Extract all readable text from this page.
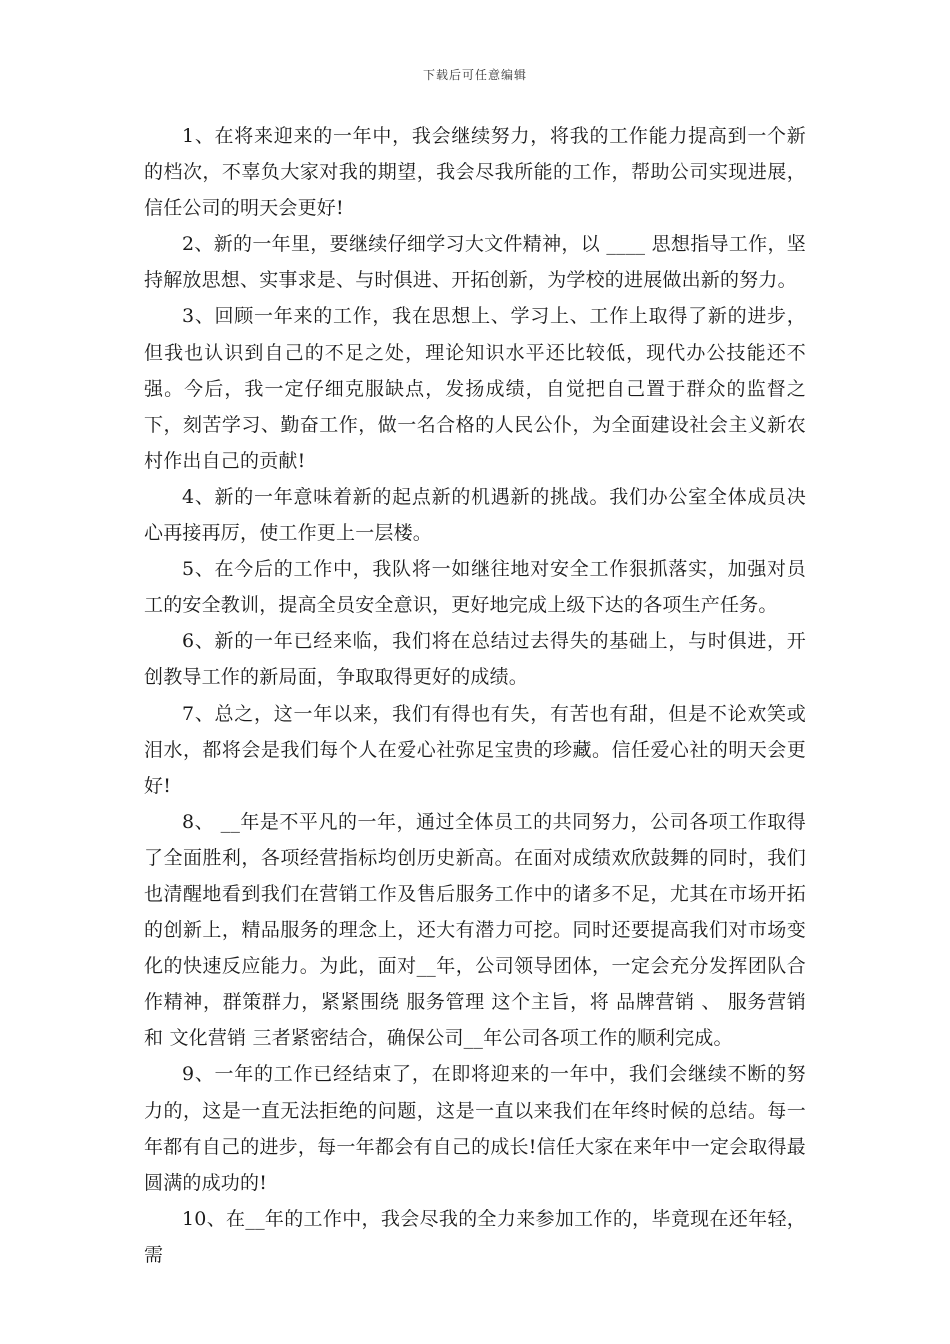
下载后可任意编辑

1、在将来迎来的一年中，我会继续努力，将我的工作能力提高到一个新的档次，不辜负大家对我的期望，我会尽我所能的工作，帮助公司实现进展，信任公司的明天会更好!

2、新的一年里，要继续仔细学习大文件精神，以 ____ 思想指导工作，坚持解放思想、实事求是、与时俱进、开拓创新，为学校的进展做出新的努力。

3、回顾一年来的工作，我在思想上、学习上、工作上取得了新的进步，但我也认识到自己的不足之处，理论知识水平还比较低，现代办公技能还不强。今后，我一定仔细克服缺点，发扬成绩，自觉把自己置于群众的监督之下，刻苦学习、勤奋工作，做一名合格的人民公仆，为全面建设社会主义新农村作出自己的贡献!

4、新的一年意味着新的起点新的机遇新的挑战。我们办公室全体成员决心再接再厉，使工作更上一层楼。

5、在今后的工作中，我队将一如继往地对安全工作狠抓落实，加强对员工的安全教训，提高全员安全意识，更好地完成上级下达的各项生产任务。

6、新的一年已经来临，我们将在总结过去得失的基础上，与时俱进，开创教导工作的新局面，争取取得更好的成绩。

7、总之，这一年以来，我们有得也有失，有苦也有甜，但是不论欢笑或泪水，都将会是我们每个人在爱心社弥足宝贵的珍藏。信任爱心社的明天会更好!

8、 __年是不平凡的一年，通过全体员工的共同努力，公司各项工作取得了全面胜利，各项经营指标均创历史新高。在面对成绩欢欣鼓舞的同时，我们也清醒地看到我们在营销工作及售后服务工作中的诸多不足，尤其在市场开拓的创新上，精品服务的理念上，还大有潜力可挖。同时还要提高我们对市场变化的快速反应能力。为此，面对__年，公司领导团体，一定会充分发挥团队合作精神，群策群力，紧紧围绕 服务管理 这个主旨，将 品牌营销 、 服务营销 和 文化营销 三者紧密结合，确保公司__年公司各项工作的顺利完成。

9、一年的工作已经结束了，在即将迎来的一年中，我们会继续不断的努力的，这是一直无法拒绝的问题，这是一直以来我们在年终时候的总结。每一年都有自己的进步，每一年都会有自己的成长!信任大家在来年中一定会取得最圆满的成功的!

10、在__年的工作中，我会尽我的全力来参加工作的，毕竟现在还年轻，需
